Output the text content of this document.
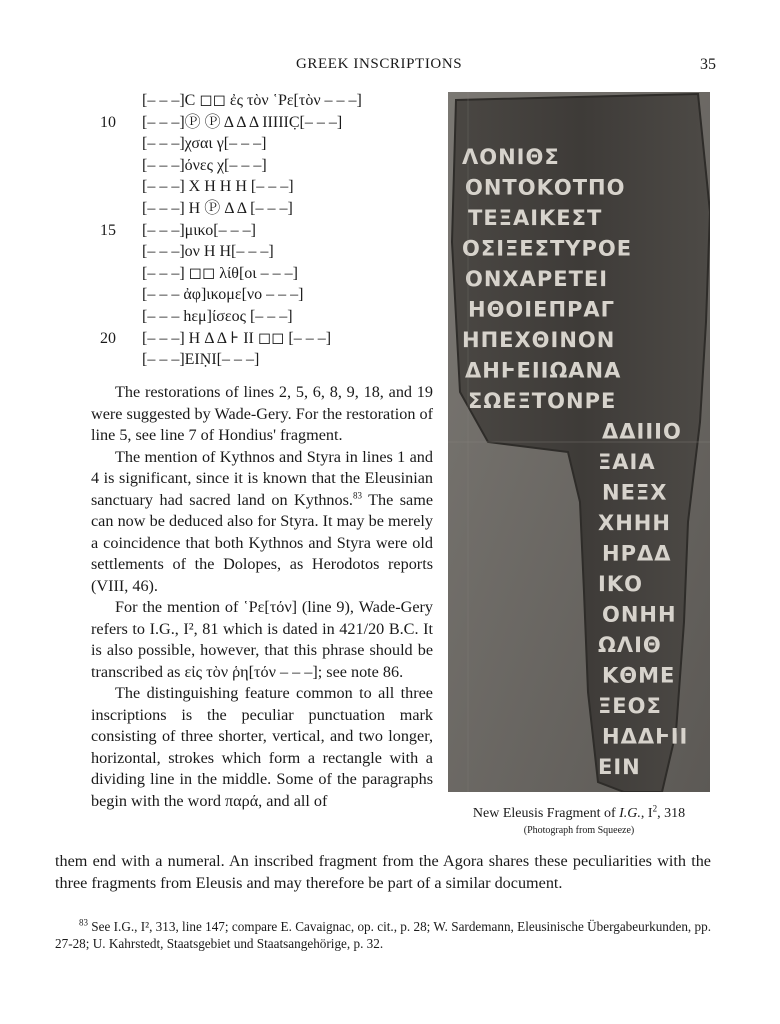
GREEK INSCRIPTIONS	35
[– – –]C ◻◻ ἐς τὸν ῾Ρε[τὸν – – –]
10	[– – –]Ⓟ Ⓟ Δ Δ Δ IIIIIC̣[– – –]
[– – –]χσαι γ[– – –]
[– – –]όνες χ[– – –]
[– – –] X H H H [– – –]
[– – –] H Ⓟ Δ Δ [– – –]
15	[– – –]μικο[– – –]
[– – –]ον H H[– – –]
[– – –] ◻◻ λίθ[οι – – –]
[– – – ἀφ]ικομε[νο – – –]
[– – – hεμ]ίσεος [– – –]
20	[– – –] H Δ Δ ⊦ II ◻◻ [– – –]
[– – –]EIṆI[– – –]
ΛΟΝΙΘΣ
ΟΝΤΟΚΟΤΠΟ
ΤΕΞΑΙΚΕΣΤ
ΟΣΙΞΕΣΤΥΡΟΕ
ΟΝΧΑΡΕΤΕΙ
ΗΘΟΙΕΠΡΑΓ
ΗΠΕΧΘΙΝΟΝ
ΔΗⱵΕΙΙΩΑΝΑ
ΣΩΕΞΤΟΝΡΕ
ΔΔΙΙΙΟ
ΞΑΙΑ
ΝΕΞΧ
ΧΗΗΗ
ΗΡΔΔ
ΙΚΟ
ΟΝΗΗ
ΩΛΙΘ
ΚΘΜΕ
ΞΕΟΣ
ΗΔΔⱵΙΙ
ΕΙΝ
New Eleusis Fragment of I.G., $I^2$, 318
(Photograph from Squeeze)

The restorations of lines 2, 5, 6, 8, 9, 18, and 19 were suggested by Wade-Gery. For the restoration of line 5, see line 7 of Hondius' fragment.

The mention of Kythnos and Styra in lines 1 and 4 is significant, since it is known that the Eleusinian sanctuary had sacred land on Kythnos.$^{83}$ The same can now be deduced also for Styra. It may be merely a coincidence that both Kythnos and Styra were old settlements of the Dolopes, as Herodotos reports (VIII, 46).

For the mention of ῾Ρε[τόν] (line 9), Wade-Gery refers to I.G., I², 81 which is dated in 421/20 B.C. It is also possible, however, that this phrase should be transcribed as εἰς τὸν ῥη[τόν – – –]; see note 86.

The distinguishing feature common to all three inscriptions is the peculiar punctuation mark consisting of three shorter, vertical, and two longer, horizontal, strokes which form a rectangle with a dividing line in the middle. Some of the paragraphs begin with the word παρά, and all of

them end with a numeral. An inscribed fragment from the Agora shares these peculiarities with the three fragments from Eleusis and may therefore be part of a similar document.

$^{83}$ See I.G., I², 313, line 147; compare E. Cavaignac, op. cit., p. 28; W. Sardemann, Eleusinische Übergabeurkunden, pp. 27-28; U. Kahrstedt, Staatsgebiet und Staatsangehörige, p. 32.
